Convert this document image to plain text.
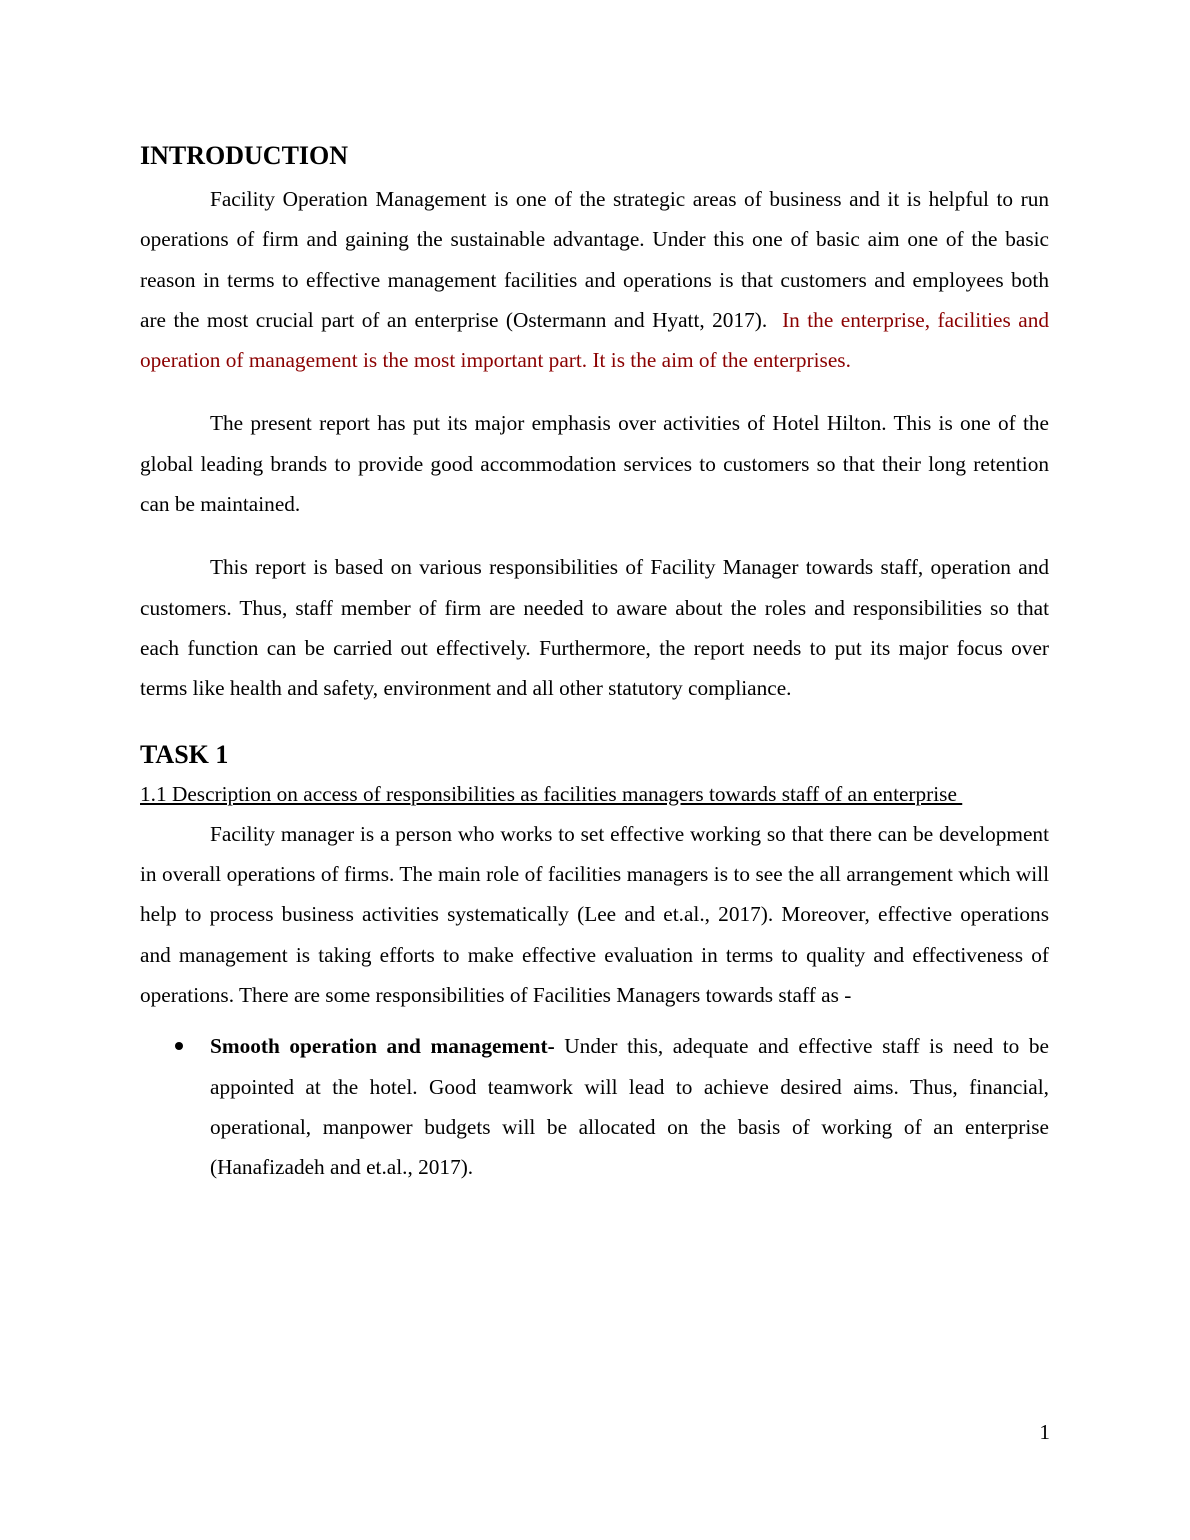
INTRODUCTION

Facility Operation Management is one of the strategic areas of business and it is helpful to run operations of firm and gaining the sustainable advantage. Under this one of basic aim one of the basic reason in terms to effective management facilities and operations is that customers and employees both are the most crucial part of an enterprise (Ostermann and Hyatt, 2017).  In the enterprise, facilities and operation of management is the most important part. It is the aim of the enterprises.

The present report has put its major emphasis over activities of Hotel Hilton. This is one of the global leading brands to provide good accommodation services to customers so that their long retention can be maintained.

This report is based on various responsibilities of Facility Manager towards staff, operation and customers. Thus, staff member of firm are needed to aware about the roles and responsibilities so that each function can be carried out effectively. Furthermore, the report needs to put its major focus over terms like health and safety, environment and all other statutory compliance.

TASK 1

1.1 Description on access of responsibilities as facilities managers towards staff of an enterprise

Facility manager is a person who works to set effective working so that there can be development in overall operations of firms. The main role of facilities managers is to see the all arrangement which will help to process business activities systematically (Lee and et.al., 2017). Moreover, effective operations and management is taking efforts to make effective evaluation in terms to quality and effectiveness of operations. There are some responsibilities of Facilities Managers towards staff as -

Smooth operation and management- Under this, adequate and effective staff is need to be appointed at the hotel. Good teamwork will lead to achieve desired aims. Thus, financial, operational, manpower budgets will be allocated on the basis of working of an enterprise (Hanafizadeh and et.al., 2017).
1
